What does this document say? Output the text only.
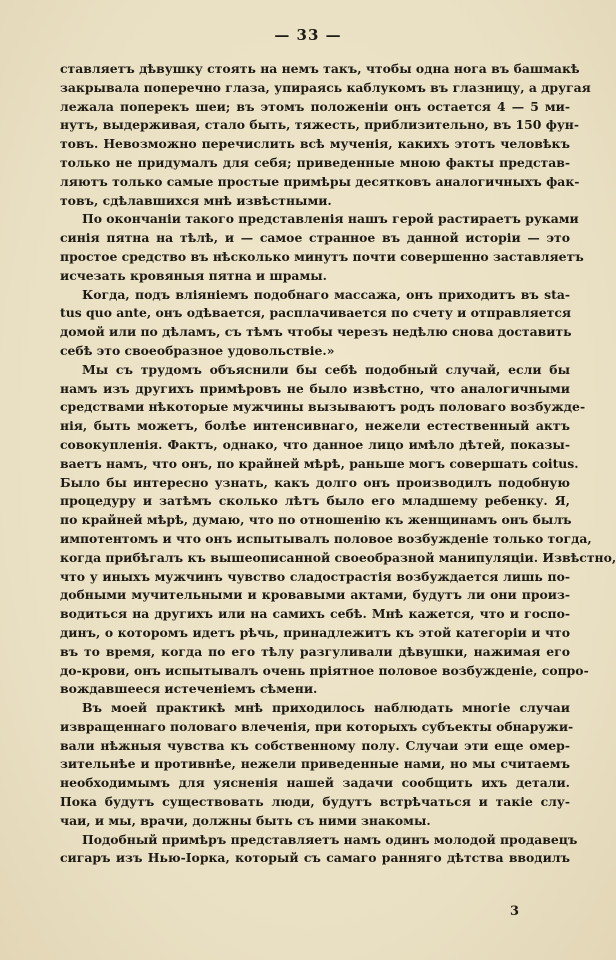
— 33 —

ставляетъ дѣвушку стоять на немъ такъ, чтобы одна нога въ башмакѣ
закрывала поперечно глаза, упираясь каблукомъ въ глазницу, а другая
лежала поперекъ шеи; въ этомъ положеніи онъ остается 4 — 5 ми-
нутъ, выдерживая, стало быть, тяжесть, приблизительно, въ 150 фун-
товъ. Невозможно перечислить всѣ мученія, какихъ этотъ человѣкъ
только не придумалъ для себя; приведенные мною факты представ-
ляютъ только самые простые примѣры десятковъ аналогичныхъ фак-
товъ, сдѣлавшихся мнѣ извѣстными.

По окончаніи такого представленія нашъ герой растираетъ руками
синія пятна на тѣлѣ, и — самое странное въ данной исторіи — это
простое средство въ нѣсколько минутъ почти совершенно заставляетъ
исчезать кровяныя пятна и шрамы.

Когда, подъ вліяніемъ подобнаго массажа, онъ приходитъ въ sta-
tus quo ante, онъ одѣвается, расплачивается по счету и отправляется
домой или по дѣламъ, съ тѣмъ чтобы черезъ недѣлю снова доставить
себѣ это своеобразное удовольствіе.»

Мы съ трудомъ объяснили бы себѣ подобный случай, если бы
намъ изъ другихъ примѣровъ не было извѣстно, что аналогичными
средствами нѣкоторые мужчины вызываютъ родъ половаго возбужде-
нія, быть можетъ, болѣе интенсивнаго, нежели естественный актъ
совокупленія. Фактъ, однако, что данное лицо имѣло дѣтей, показы-
ваетъ намъ, что онъ, по крайней мѣрѣ, раньше могъ совершать coitus.
Было бы интересно узнать, какъ долго онъ производилъ подобную
процедуру и затѣмъ сколько лѣтъ было его младшему ребенку. Я,
по крайней мѣрѣ, думаю, что по отношенію къ женщинамъ онъ былъ
импотентомъ и что онъ испытывалъ половое возбужденіе только тогда,
когда прибѣгалъ къ вышеописанной своеобразной манипуляціи. Извѣстно,
что у иныхъ мужчинъ чувство сладострастія возбуждается лишь по-
добными мучительными и кровавыми актами, будутъ ли они произ-
водиться на другихъ или на самихъ себѣ. Мнѣ кажется, что и госпо-
динъ, о которомъ идетъ рѣчь, принадлежитъ къ этой категоріи и что
въ то время, когда по его тѣлу разгуливали дѣвушки, нажимая его
до-крови, онъ испытывалъ очень пріятное половое возбужденіе, сопро-
вождавшееся истеченіемъ сѣмени.

Въ моей практикѣ мнѣ приходилось наблюдать многіе случаи
извращеннаго половаго влеченія, при которыхъ субъекты обнаружи-
вали нѣжныя чувства къ собственному полу. Случаи эти еще омер-
зительнѣе и противнѣе, нежели приведенные нами, но мы считаемъ
необходимымъ для уясненія нашей задачи сообщить ихъ детали.
Пока будутъ существовать люди, будутъ встрѣчаться и такіе слу-
чаи, и мы, врачи, должны быть съ ними знакомы.

Подобный примѣръ представляетъ намъ одинъ молодой продавецъ
сигаръ изъ Нью-Іорка, который съ самаго ранняго дѣтства вводилъ

3
